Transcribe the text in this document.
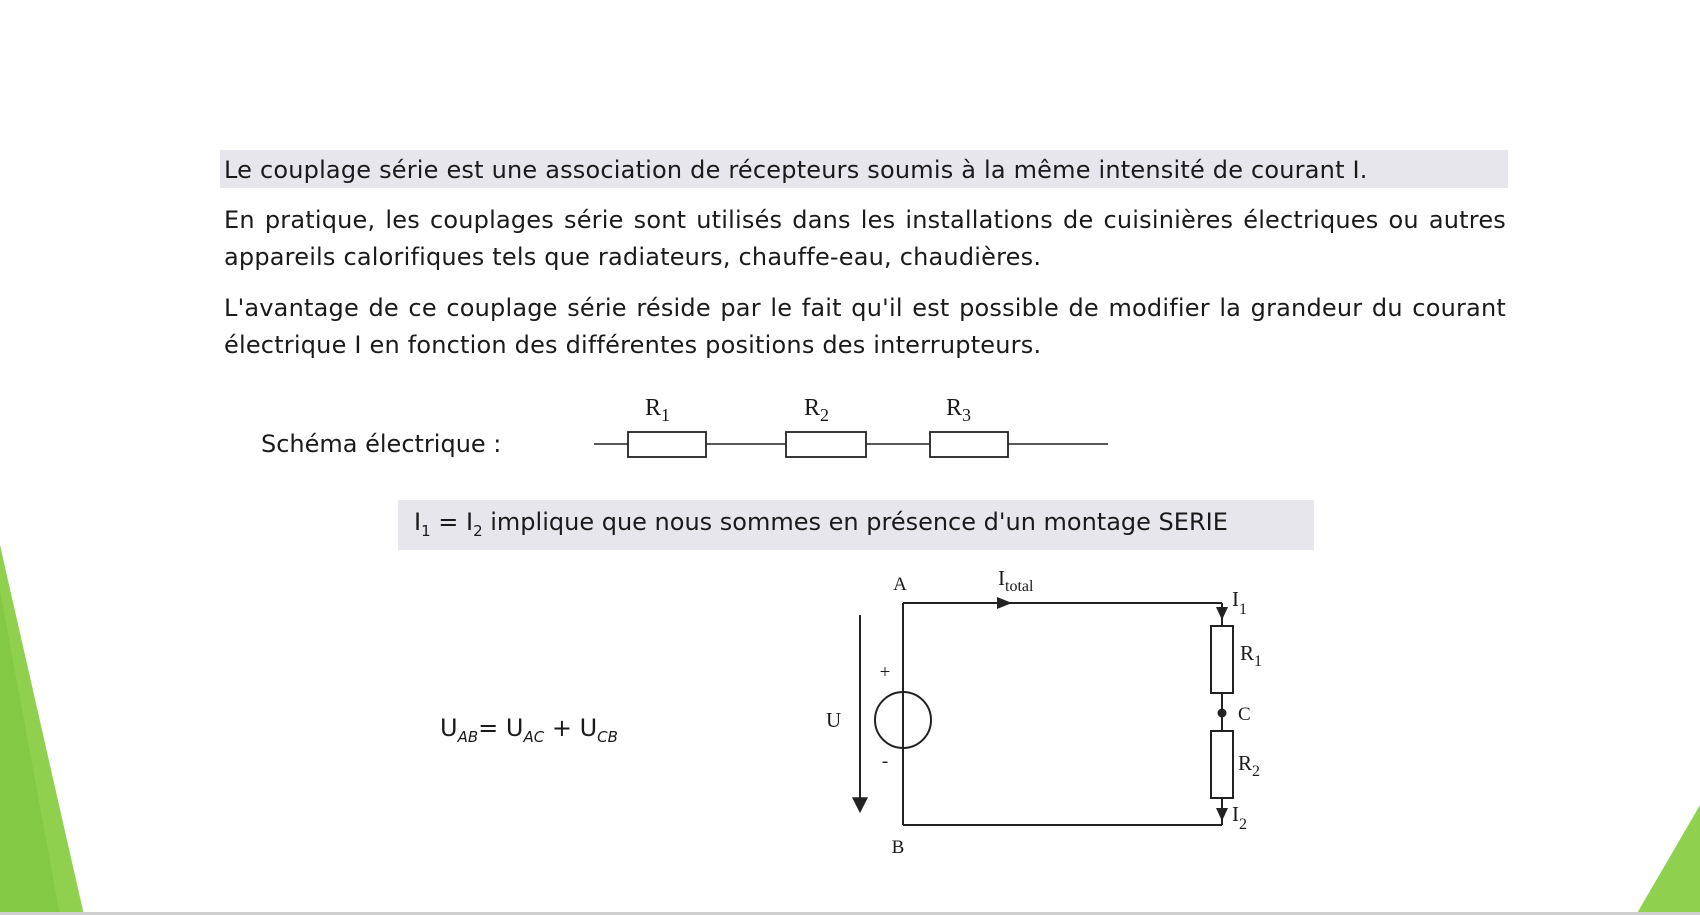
Le couplage série est une association de récepteurs soumis à la même intensité de courant I.
En pratique, les couplages série sont utilisés dans les installations de cuisinières électriques ou autres appareils calorifiques tels que radiateurs, chauffe-eau, chaudières.
L'avantage de ce couplage série réside par le fait qu'il est possible de modifier la grandeur du courant électrique I en fonction des différentes positions des interrupteurs.
Schéma électrique :
$R_1$	$R_2$	$R_3$
$I_1 = I_2$ implique que nous sommes en présence d'un montage SERIE
$U_{AB}= U_{AC} + U_{CB}$
A
B
C
$I_{total}$
$I_1$
$I_2$
$R_1$
$R_2$
U
+
-
